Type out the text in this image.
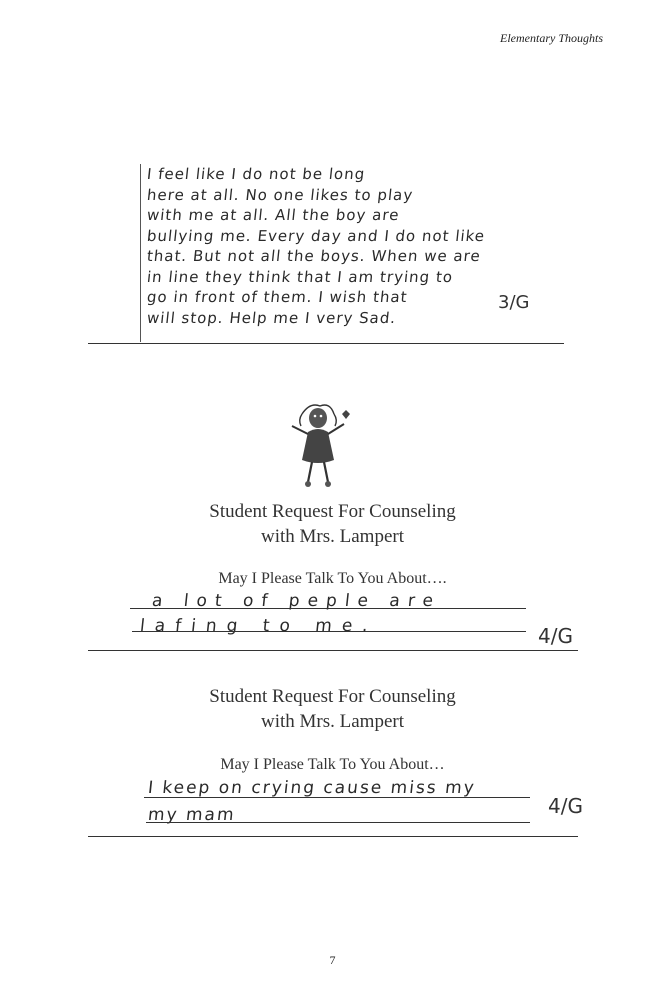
Elementary Thoughts
I feel like I do not be long
here at all. No one likes to play
with me at all. All the boy are
bullying me. Every day and I do not like
that. But not all the boys. When we are
in line they think that I am trying to
go in front of them. I wish that
will stop. Help me I very Sad.
3/G
Student Request For Counseling
with Mrs. Lampert
May I Please Talk To You About….
a lot of peple are
lafing to me.	4/G
Student Request For Counseling
with Mrs. Lampert
May I Please Talk To You About…
I keep on crying cause miss my
my mam	4/G
7
